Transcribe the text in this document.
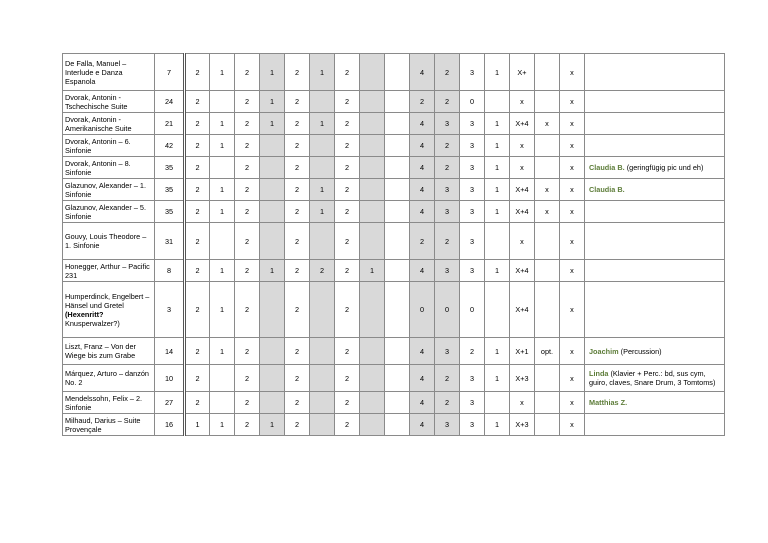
De Falla, Manuel – Interlude e Danza Espanola	7	2	1	2	1	2	1	2			4	2	3	1	X+		x	
Dvorak, Antonin - Tschechische Suite	24	2		2	1	2		2			2	2	0		x		x	
Dvorak, Antonin - Amerikanische Suite	21	2	1	2	1	2	1	2			4	3	3	1	X+4	x	x	
Dvorak, Antonin – 6. Sinfonie	42	2	1	2		2		2			4	2	3	1	x		x	
Dvorak, Antonin – 8. Sinfonie	35	2		2		2		2			4	2	3	1	x		x	Claudia B. (geringfügig pic und eh)
Glazunov, Alexander – 1. Sinfonie	35	2	1	2		2	1	2			4	3	3	1	X+4	x	x	Claudia B.
Glazunov, Alexander – 5. Sinfonie	35	2	1	2		2	1	2			4	3	3	1	X+4	x	x	
Gouvy, Louis Theodore – 1. Sinfonie	31	2		2		2		2			2	2	3		x		x	
Honegger, Arthur – Pacific 231	8	2	1	2	1	2	2	2	1		4	3	3	1	X+4		x	
Humperdinck, Engelbert – Hänsel und Gretel
(Hexenritt?
Knusperwalzer?)	3	2	1	2		2		2			0	0	0		X+4		x	
Liszt, Franz – Von der Wiege bis zum Grabe	14	2	1	2		2		2			4	3	2	1	X+1	opt.	x	Joachim (Percussion)
Márquez, Arturo – danzón No. 2	10	2		2		2		2			4	2	3	1	X+3		x	Linda (Klavier + Perc.: bd, sus cym, guiro, claves, Snare Drum, 3 Tomtoms)
Mendelssohn, Felix – 2. Sinfonie	27	2		2		2		2			4	2	3		x		x	Matthias Z.
Milhaud, Darius – Suite Provençale	16	1	1	2	1	2		2			4	3	3	1	X+3		x	
